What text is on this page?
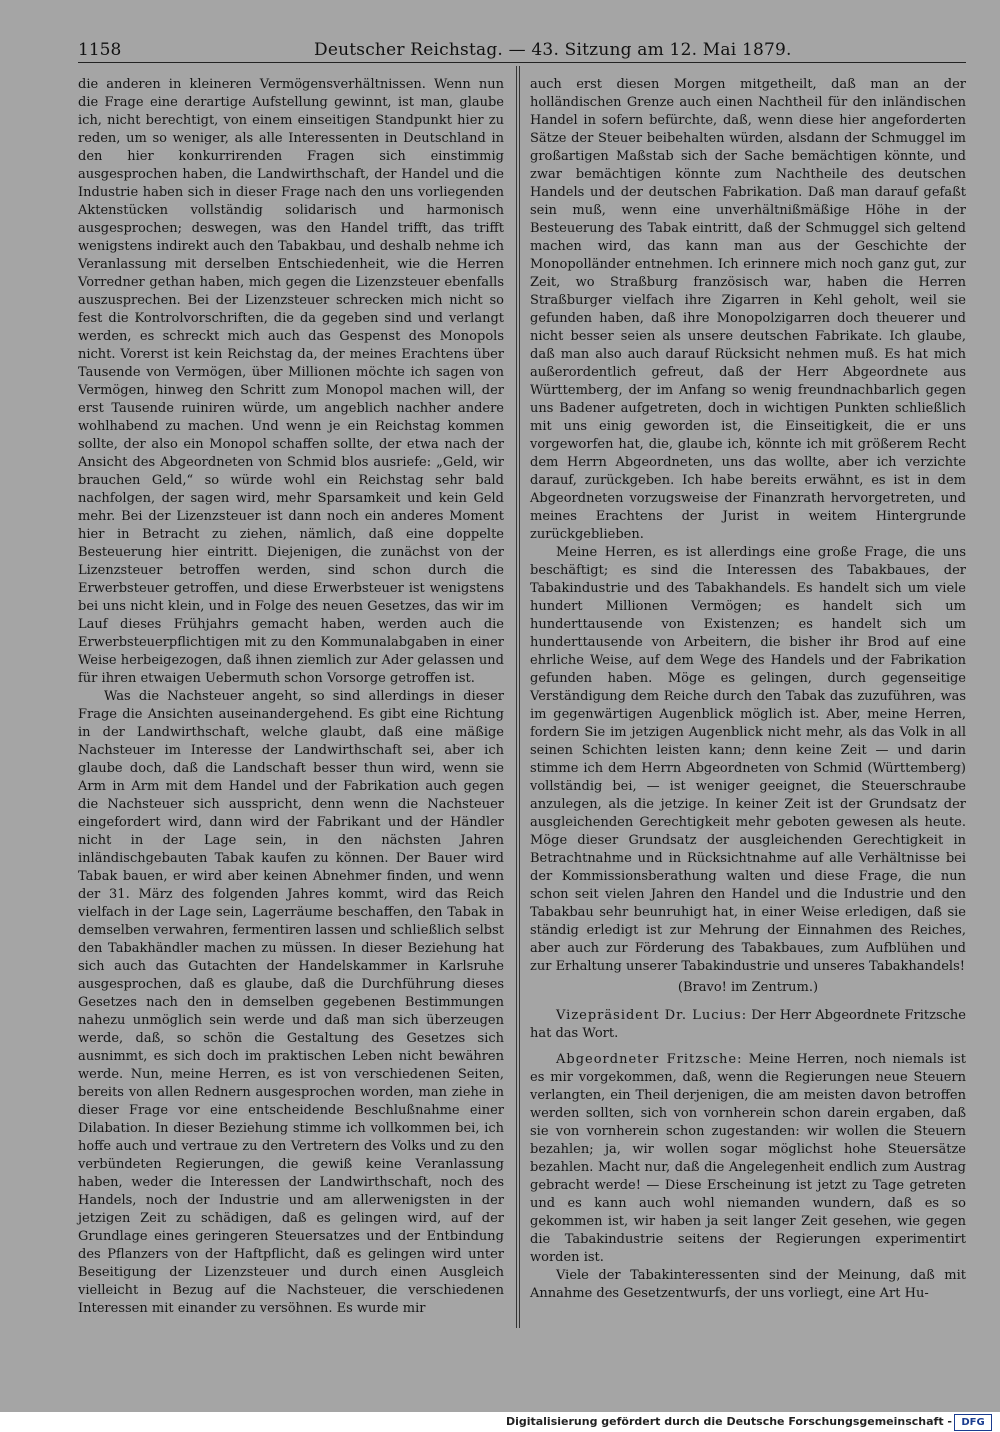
1158	Deutscher Reichstag. — 43. Sitzung am 12. Mai 1879.

die anderen in kleineren Vermögensverhältnissen. Wenn nun die Frage eine derartige Aufstellung gewinnt, ist man, glaube ich, nicht berechtigt, von einem einseitigen Standpunkt hier zu reden, um so weniger, als alle Interessenten in Deutschland in den hier konkurrirenden Fragen sich einstimmig ausgesprochen haben, die Landwirthschaft, der Handel und die Industrie haben sich in dieser Frage nach den uns vorliegenden Aktenstücken vollständig solidarisch und harmonisch ausgesprochen; deswegen, was den Handel trifft, das trifft wenigstens indirekt auch den Tabakbau, und deshalb nehme ich Veranlassung mit derselben Entschiedenheit, wie die Herren Vorredner gethan haben, mich gegen die Lizenzsteuer ebenfalls auszusprechen. Bei der Lizenzsteuer schrecken mich nicht so fest die Kontrolvorschriften, die da gegeben sind und verlangt werden, es schreckt mich auch das Gespenst des Monopols nicht. Vorerst ist kein Reichstag da, der meines Erachtens über Tausende von Vermögen, über Millionen möchte ich sagen von Vermögen, hinweg den Schritt zum Monopol machen will, der erst Tausende ruiniren würde, um angeblich nachher andere wohlhabend zu machen. Und wenn je ein Reichstag kommen sollte, der also ein Monopol schaffen sollte, der etwa nach der Ansicht des Abgeordneten von Schmid blos ausriefe: „Geld, wir brauchen Geld,“ so würde wohl ein Reichstag sehr bald nachfolgen, der sagen wird, mehr Sparsamkeit und kein Geld mehr. Bei der Lizenzsteuer ist dann noch ein anderes Moment hier in Betracht zu ziehen, nämlich, daß eine doppelte Besteuerung hier eintritt. Diejenigen, die zunächst von der Lizenzsteuer betroffen werden, sind schon durch die Erwerbsteuer getroffen, und diese Erwerbsteuer ist wenigstens bei uns nicht klein, und in Folge des neuen Gesetzes, das wir im Lauf dieses Frühjahrs gemacht haben, werden auch die Erwerbsteuerpflichtigen mit zu den Kommunalabgaben in einer Weise herbeigezogen, daß ihnen ziemlich zur Ader gelassen und für ihren etwaigen Uebermuth schon Vorsorge getroffen ist.

Was die Nachsteuer angeht, so sind allerdings in dieser Frage die Ansichten auseinandergehend. Es gibt eine Richtung in der Landwirthschaft, welche glaubt, daß eine mäßige Nachsteuer im Interesse der Landwirthschaft sei, aber ich glaube doch, daß die Landschaft besser thun wird, wenn sie Arm in Arm mit dem Handel und der Fabrikation auch gegen die Nachsteuer sich ausspricht, denn wenn die Nachsteuer eingefordert wird, dann wird der Fabrikant und der Händler nicht in der Lage sein, in den nächsten Jahren inländischgebauten Tabak kaufen zu können. Der Bauer wird Tabak bauen, er wird aber keinen Abnehmer finden, und wenn der 31. März des folgenden Jahres kommt, wird das Reich vielfach in der Lage sein, Lagerräume beschaffen, den Tabak in demselben verwahren, fermentiren lassen und schließlich selbst den Tabakhändler machen zu müssen. In dieser Beziehung hat sich auch das Gutachten der Handelskammer in Karlsruhe ausgesprochen, daß es glaube, daß die Durchführung dieses Gesetzes nach den in demselben gegebenen Bestimmungen nahezu unmöglich sein werde und daß man sich überzeugen werde, daß, so schön die Gestaltung des Gesetzes sich ausnimmt, es sich doch im praktischen Leben nicht bewähren werde. Nun, meine Herren, es ist von verschiedenen Seiten, bereits von allen Rednern ausgesprochen worden, man ziehe in dieser Frage vor eine entscheidende Beschlußnahme einer Dilabation. In dieser Beziehung stimme ich vollkommen bei, ich hoffe auch und vertraue zu den Vertretern des Volks und zu den verbündeten Regierungen, die gewiß keine Veranlassung haben, weder die Interessen der Landwirthschaft, noch des Handels, noch der Industrie und am allerwenigsten in der jetzigen Zeit zu schädigen, daß es gelingen wird, auf der Grundlage eines geringeren Steuersatzes und der Entbindung des Pflanzers von der Haftpflicht, daß es gelingen wird unter Beseitigung der Lizenzsteuer und durch einen Ausgleich vielleicht in Bezug auf die Nachsteuer, die verschiedenen Interessen mit einander zu versöhnen. Es wurde mir

auch erst diesen Morgen mitgetheilt, daß man an der holländischen Grenze auch einen Nachtheil für den inländischen Handel in sofern befürchte, daß, wenn diese hier angeforderten Sätze der Steuer beibehalten würden, alsdann der Schmuggel im großartigen Maßstab sich der Sache bemächtigen könnte, und zwar bemächtigen könnte zum Nachtheile des deutschen Handels und der deutschen Fabrikation. Daß man darauf gefaßt sein muß, wenn eine unverhältnißmäßige Höhe in der Besteuerung des Tabak eintritt, daß der Schmuggel sich geltend machen wird, das kann man aus der Geschichte der Monopolländer entnehmen. Ich erinnere mich noch ganz gut, zur Zeit, wo Straßburg französisch war, haben die Herren Straßburger vielfach ihre Zigarren in Kehl geholt, weil sie gefunden haben, daß ihre Monopolzigarren doch theuerer und nicht besser seien als unsere deutschen Fabrikate. Ich glaube, daß man also auch darauf Rücksicht nehmen muß. Es hat mich außerordentlich gefreut, daß der Herr Abgeordnete aus Württemberg, der im Anfang so wenig freundnachbarlich gegen uns Badener aufgetreten, doch in wichtigen Punkten schließlich mit uns einig geworden ist, die Einseitigkeit, die er uns vorgeworfen hat, die, glaube ich, könnte ich mit größerem Recht dem Herrn Abgeordneten, uns das wollte, aber ich verzichte darauf, zurückgeben. Ich habe bereits erwähnt, es ist in dem Abgeordneten vorzugsweise der Finanzrath hervorgetreten, und meines Erachtens der Jurist in weitem Hintergrunde zurückgeblieben.

Meine Herren, es ist allerdings eine große Frage, die uns beschäftigt; es sind die Interessen des Tabakbaues, der Tabakindustrie und des Tabakhandels. Es handelt sich um viele hundert Millionen Vermögen; es handelt sich um hunderttausende von Existenzen; es handelt sich um hunderttausende von Arbeitern, die bisher ihr Brod auf eine ehrliche Weise, auf dem Wege des Handels und der Fabrikation gefunden haben. Möge es gelingen, durch gegenseitige Verständigung dem Reiche durch den Tabak das zuzuführen, was im gegenwärtigen Augenblick möglich ist. Aber, meine Herren, fordern Sie im jetzigen Augenblick nicht mehr, als das Volk in all seinen Schichten leisten kann; denn keine Zeit — und darin stimme ich dem Herrn Abgeordneten von Schmid (Württemberg) vollständig bei, — ist weniger geeignet, die Steuerschraube anzulegen, als die jetzige. In keiner Zeit ist der Grundsatz der ausgleichenden Gerechtigkeit mehr geboten gewesen als heute. Möge dieser Grundsatz der ausgleichenden Gerechtigkeit in Betrachtnahme und in Rücksichtnahme auf alle Verhältnisse bei der Kommissionsberathung walten und diese Frage, die nun schon seit vielen Jahren den Handel und die Industrie und den Tabakbau sehr beunruhigt hat, in einer Weise erledigen, daß sie ständig erledigt ist zur Mehrung der Einnahmen des Reiches, aber auch zur Förderung des Tabakbaues, zum Aufblühen und zur Erhaltung unserer Tabakindustrie und unseres Tabakhandels!

(Bravo! im Zentrum.)

Vizepräsident Dr. Lucius: Der Herr Abgeordnete Fritzsche hat das Wort.

Abgeordneter Fritzsche: Meine Herren, noch niemals ist es mir vorgekommen, daß, wenn die Regierungen neue Steuern verlangten, ein Theil derjenigen, die am meisten davon betroffen werden sollten, sich von vornherein schon darein ergaben, daß sie von vornherein schon zugestanden: wir wollen die Steuern bezahlen; ja, wir wollen sogar möglichst hohe Steuersätze bezahlen. Macht nur, daß die Angelegenheit endlich zum Austrag gebracht werde! — Diese Erscheinung ist jetzt zu Tage getreten und es kann auch wohl niemanden wundern, daß es so gekommen ist, wir haben ja seit langer Zeit gesehen, wie gegen die Tabakindustrie seitens der Regierungen experimentirt worden ist.

Viele der Tabakinteressenten sind der Meinung, daß mit Annahme des Gesetzentwurfs, der uns vorliegt, eine Art Hu-

Digitalisierung gefördert durch die Deutsche Forschungsgemeinschaft - DFG
